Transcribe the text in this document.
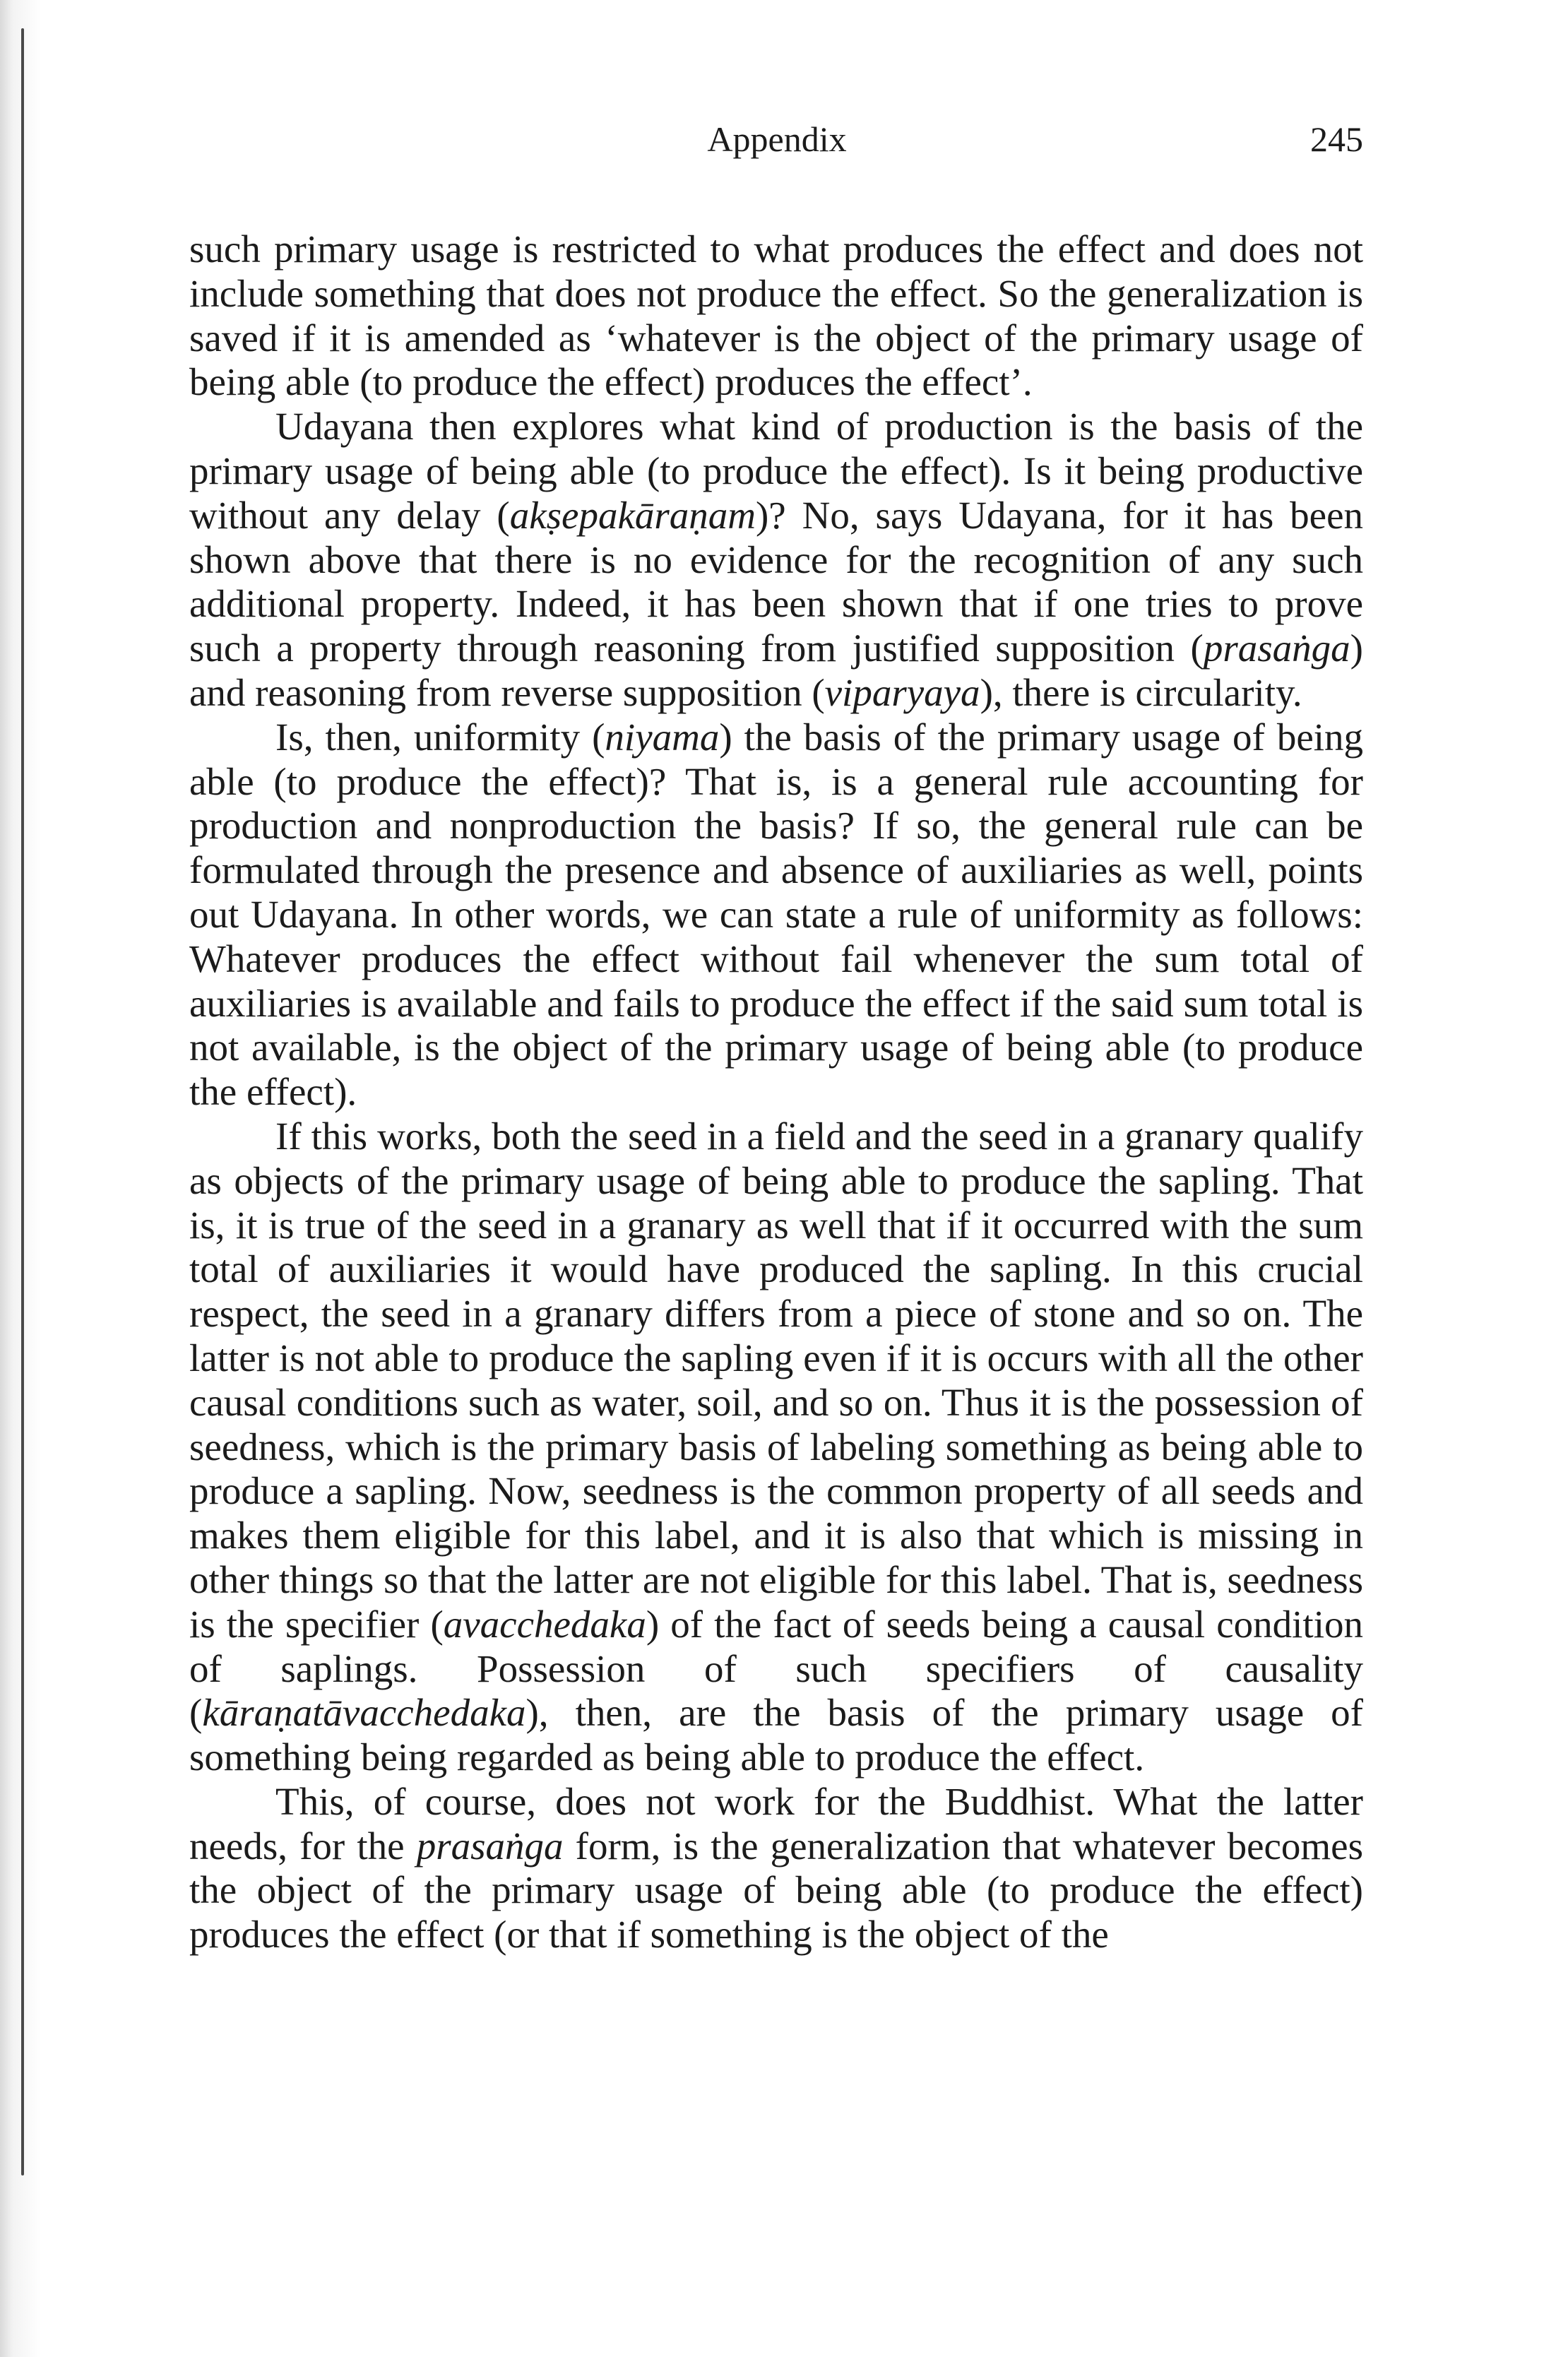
Appendix	245

such primary usage is restricted to what produces the effect and does not include something that does not produce the effect. So the generalization is saved if it is amended as ‘whatever is the object of the primary usage of being able (to produce the effect) produces the effect’.

Udayana then explores what kind of production is the basis of the primary usage of being able (to produce the effect). Is it being productive without any delay (akṣepakāraṇam)? No, says Udayana, for it has been shown above that there is no evidence for the recognition of any such additional property. Indeed, it has been shown that if one tries to prove such a property through reasoning from justified supposition (prasaṅga) and reasoning from reverse supposition (viparyaya), there is circularity.

Is, then, uniformity (niyama) the basis of the primary usage of being able (to produce the effect)? That is, is a general rule accounting for production and nonproduction the basis? If so, the general rule can be formulated through the presence and absence of auxiliaries as well, points out Udayana. In other words, we can state a rule of uniformity as follows: Whatever produces the effect without fail whenever the sum total of auxiliaries is available and fails to produce the effect if the said sum total is not available, is the object of the primary usage of being able (to produce the effect).

If this works, both the seed in a field and the seed in a granary qualify as objects of the primary usage of being able to produce the sapling. That is, it is true of the seed in a granary as well that if it occurred with the sum total of auxiliaries it would have produced the sapling. In this crucial respect, the seed in a granary differs from a piece of stone and so on. The latter is not able to produce the sapling even if it is occurs with all the other causal conditions such as water, soil, and so on. Thus it is the possession of seedness, which is the primary basis of labeling something as being able to produce a sapling. Now, seedness is the common property of all seeds and makes them eligible for this label, and it is also that which is missing in other things so that the latter are not eligible for this label. That is, seedness is the specifier (avacchedaka) of the fact of seeds being a causal condition of saplings. Possession of such specifiers of causality (kāraṇatāvacchedaka), then, are the basis of the primary usage of something being regarded as being able to produce the effect.

This, of course, does not work for the Buddhist. What the latter needs, for the prasaṅga form, is the generalization that whatever becomes the object of the primary usage of being able (to produce the effect) produces the effect (or that if something is the object of the
